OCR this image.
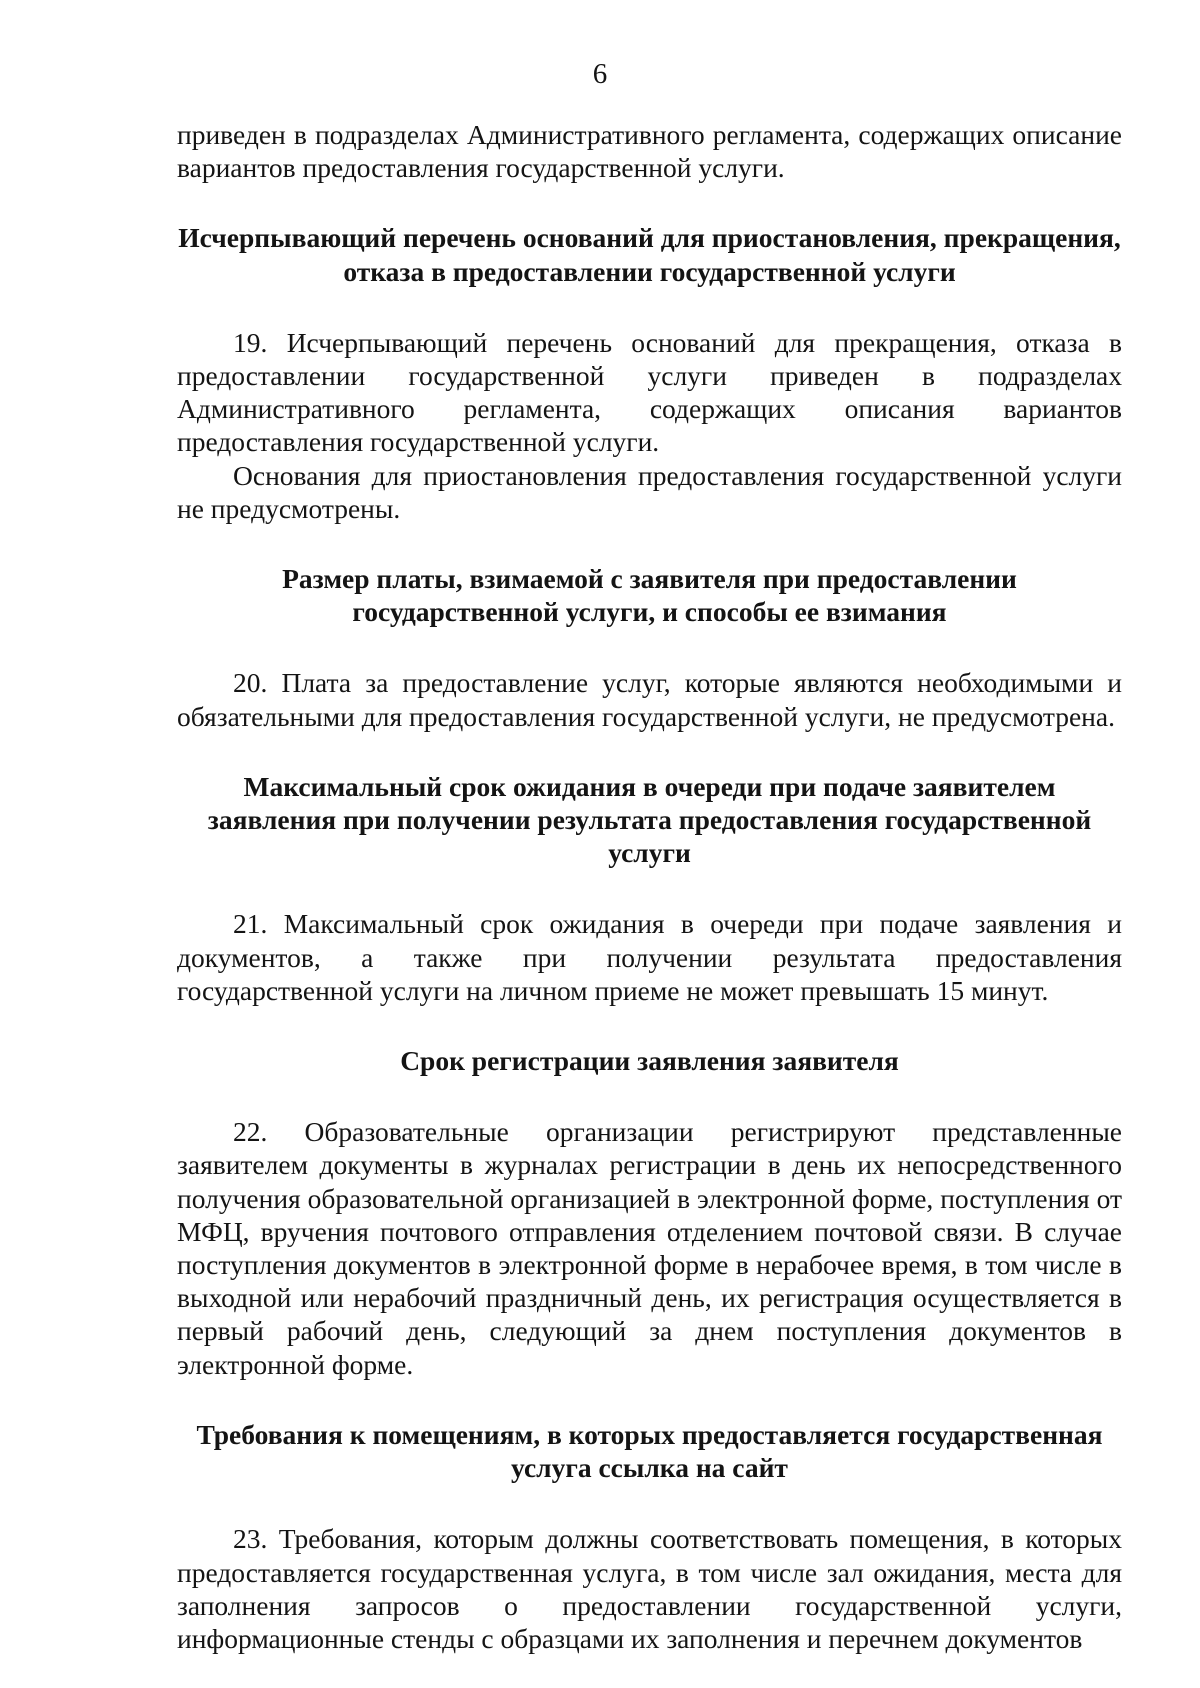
6

приведен в подразделах Административного регламента, содержащих описание вариантов предоставления государственной услуги.

Исчерпывающий перечень оснований для приостановления, прекращения, отказа в предоставлении государственной услуги

19. Исчерпывающий перечень оснований для прекращения, отказа в предоставлении государственной услуги приведен в подразделах Административного регламента, содержащих описания вариантов предоставления государственной услуги.

Основания для приостановления предоставления государственной услуги не предусмотрены.

Размер платы, взимаемой с заявителя при предоставлении государственной услуги, и способы ее взимания

20. Плата за предоставление услуг, которые являются необходимыми и обязательными для предоставления государственной услуги, не предусмотрена.

Максимальный срок ожидания в очереди при подаче заявителем заявления при получении результата предоставления государственной услуги

21. Максимальный срок ожидания в очереди при подаче заявления и документов, а также при получении результата предоставления государственной услуги на личном приеме не может превышать 15 минут.

Срок регистрации заявления заявителя

22. Образовательные организации регистрируют представленные заявителем документы в журналах регистрации в день их непосредственного получения образовательной организацией в электронной форме, поступления от МФЦ, вручения почтового отправления отделением почтовой связи. В случае поступления документов в электронной форме в нерабочее время, в том числе в выходной или нерабочий праздничный день, их регистрация осуществляется в первый рабочий день, следующий за днем поступления документов в электронной форме.

Требования к помещениям, в которых предоставляется государственная услуга ссылка на сайт

23. Требования, которым должны соответствовать помещения, в которых предоставляется государственная услуга, в том числе зал ожидания, места для заполнения запросов о предоставлении государственной услуги, информационные стенды с образцами их заполнения и перечнем документов
